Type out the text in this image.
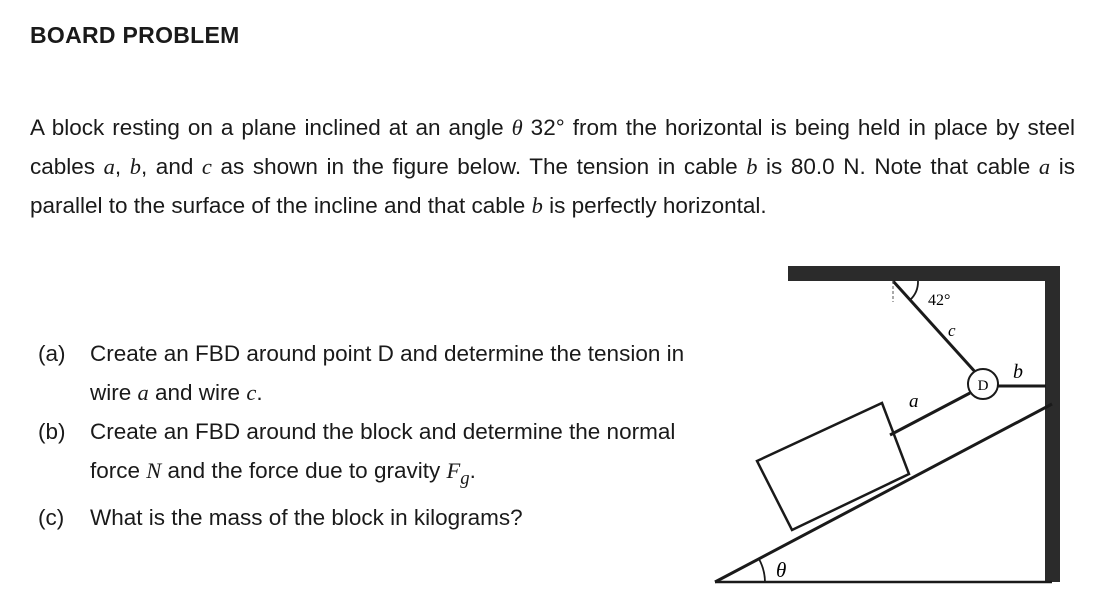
BOARD PROBLEM
A block resting on a plane inclined at an angle θ 32° from the horizontal is being held in place by steel cables a, b, and c as shown in the figure below. The tension in cable b is 80.0 N. Note that cable a is parallel to the surface of the incline and that cable b is perfectly horizontal.
(a) Create an FBD around point D and determine the tension in wire a and wire c.
(b) Create an FBD around the block and determine the normal force N and the force due to gravity $F_g$.
(c) What is the mass of the block in kilograms?
D
42°
c
b
a
θ
